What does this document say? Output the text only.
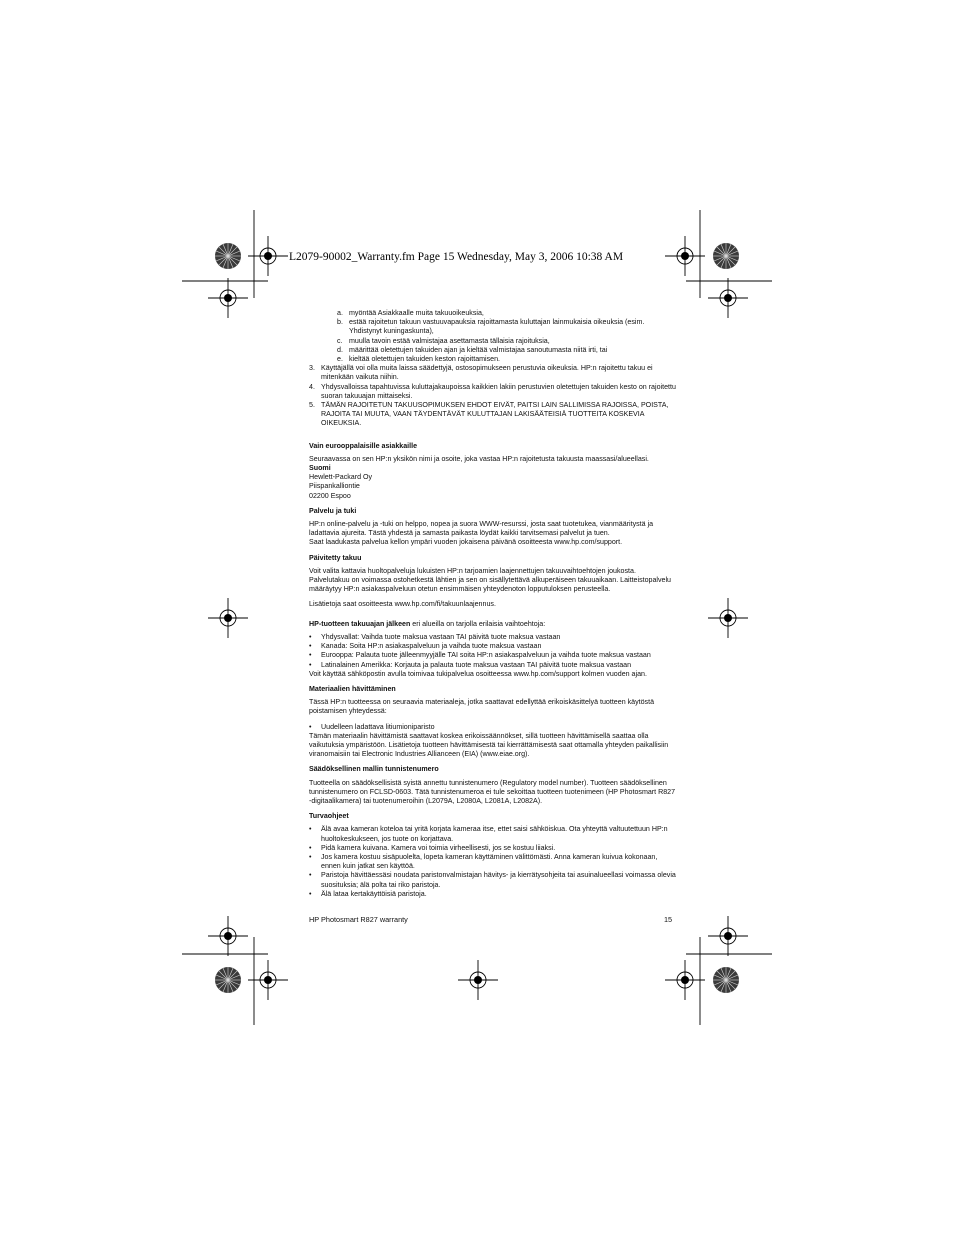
L2079-90002_Warranty.fm Page 15 Wednesday, May 3, 2006 10:38 AM
a. myöntää Asiakkaalle muita takuuoikeuksia,
b. estää rajoitetun takuun vastuuvapauksia rajoittamasta kuluttajan lainmukaisia oikeuksia (esim. Yhdistynyt kuningaskunta),
c. muulla tavoin estää valmistajaa asettamasta tällaisia rajoituksia,
d. määrittää oletettujen takuiden ajan ja kieltää valmistajaa sanoutumasta niitä irti, tai
e. kieltää oletettujen takuiden keston rajoittamisen.
3. Käyttäjällä voi olla muita laissa säädettyjä, ostosopimukseen perustuvia oikeuksia. HP:n rajoitettu takuu ei mitenkään vaikuta niihin.
4. Yhdysvalloissa tapahtuvissa kuluttajakaupoissa kaikkien lakiin perustuvien oletettujen takuiden kesto on rajoitettu suoran takuuajan mittaiseksi.
5. TÄMÄN RAJOITETUN TAKUUSOPIMUKSEN EHDOT EIVÄT, PAITSI LAIN SALLIMISSA RAJOISSA, POISTA, RAJOITA TAI MUUTA, VAAN TÄYDENTÄVÄT KULUTTAJAN LAKISÄÄTEISIÄ TUOTTEITA KOSKEVIA OIKEUKSIA.

Vain eurooppalaisille asiakkaille

Seuraavassa on sen HP:n yksikön nimi ja osoite, joka vastaa HP:n rajoitetusta takuusta maassasi/alueellasi.

Suomi

Hewlett-Packard Oy

Piispankalliontie

02200 Espoo

Palvelu ja tuki

HP:n online-palvelu ja -tuki on helppo, nopea ja suora WWW-resurssi, josta saat tuotetukea, vianmääritystä ja ladattavia ajureita. Tästä yhdestä ja samasta paikasta löydät kaikki tarvitsemasi palvelut ja tuen.

Saat laadukasta palvelua kellon ympäri vuoden jokaisena päivänä osoitteesta www.hp.com/support.

Päivitetty takuu

Voit valita kattavia huoltopalveluja lukuisten HP:n tarjoamien laajennettujen takuuvaihtoehtojen joukosta. Palvelutakuu on voimassa ostohetkestä lähtien ja sen on sisällytettävä alkuperäiseen takuuaikaan. Laitteistopalvelu määräytyy HP:n asiakaspalveluun otetun ensimmäisen yhteydenoton lopputuloksen perusteella.

Lisätietoja saat osoitteesta www.hp.com/fi/takuunlaajennus.

HP-tuotteen takuuajan jälkeen eri alueilla on tarjolla erilaisia vaihtoehtoja:

• Yhdysvallat: Vaihda tuote maksua vastaan TAI päivitä tuote maksua vastaan
• Kanada: Soita HP:n asiakaspalveluun ja vaihda tuote maksua vastaan
• Eurooppa: Palauta tuote jälleenmyyjälle TAI soita HP:n asiakaspalveluun ja vaihda tuote maksua vastaan
• Latinalainen Amerikka: Korjauta ja palauta tuote maksua vastaan TAI päivitä tuote maksua vastaan

Voit käyttää sähköpostin avulla toimivaa tukipalvelua osoitteessa www.hp.com/support kolmen vuoden ajan.

Materiaalien hävittäminen

Tässä HP:n tuotteessa on seuraavia materiaaleja, jotka saattavat edellyttää erikoiskäsittelyä tuotteen käytöstä poistamisen yhteydessä:

• Uudelleen ladattava litiumioniparisto

Tämän materiaalin hävittämistä saattavat koskea erikoissäännökset, sillä tuotteen hävittämisellä saattaa olla vaikutuksia ympäristöön. Lisätietoja tuotteen hävittämisestä tai kierrättämisestä saat ottamalla yhteyden paikallisiin viranomaisiin tai Electronic Industries Allianceen (EIA) (www.eiae.org).

Säädöksellinen mallin tunnistenumero

Tuotteella on säädöksellisistä syistä annettu tunnistenumero (Regulatory model number). Tuotteen säädöksellinen tunnistenumero on FCLSD-0603. Tätä tunnistenumeroa ei tule sekoittaa tuotteen tuotenimeen (HP Photosmart R827 -digitaalikamera) tai tuotenumeroihin (L2079A, L2080A, L2081A, L2082A).

Turvaohjeet

• Älä avaa kameran koteloa tai yritä korjata kameraa itse, ettet saisi sähköiskua. Ota yhteyttä valtuutettuun HP:n huoltokeskukseen, jos tuote on korjattava.
• Pidä kamera kuivana. Kamera voi toimia virheellisesti, jos se kostuu liiaksi.
• Jos kamera kostuu sisäpuolelta, lopeta kameran käyttäminen välittömästi. Anna kameran kuivua kokonaan, ennen kuin jatkat sen käyttöä.
• Paristoja hävittäessäsi noudata paristonvalmistajan hävitys- ja kierrätysohjeita tai asuinalueellasi voimassa olevia suosituksia; älä polta tai riko paristoja.
• Älä lataa kertakäyttöisiä paristoja.
HP Photosmart R827 warranty	15
